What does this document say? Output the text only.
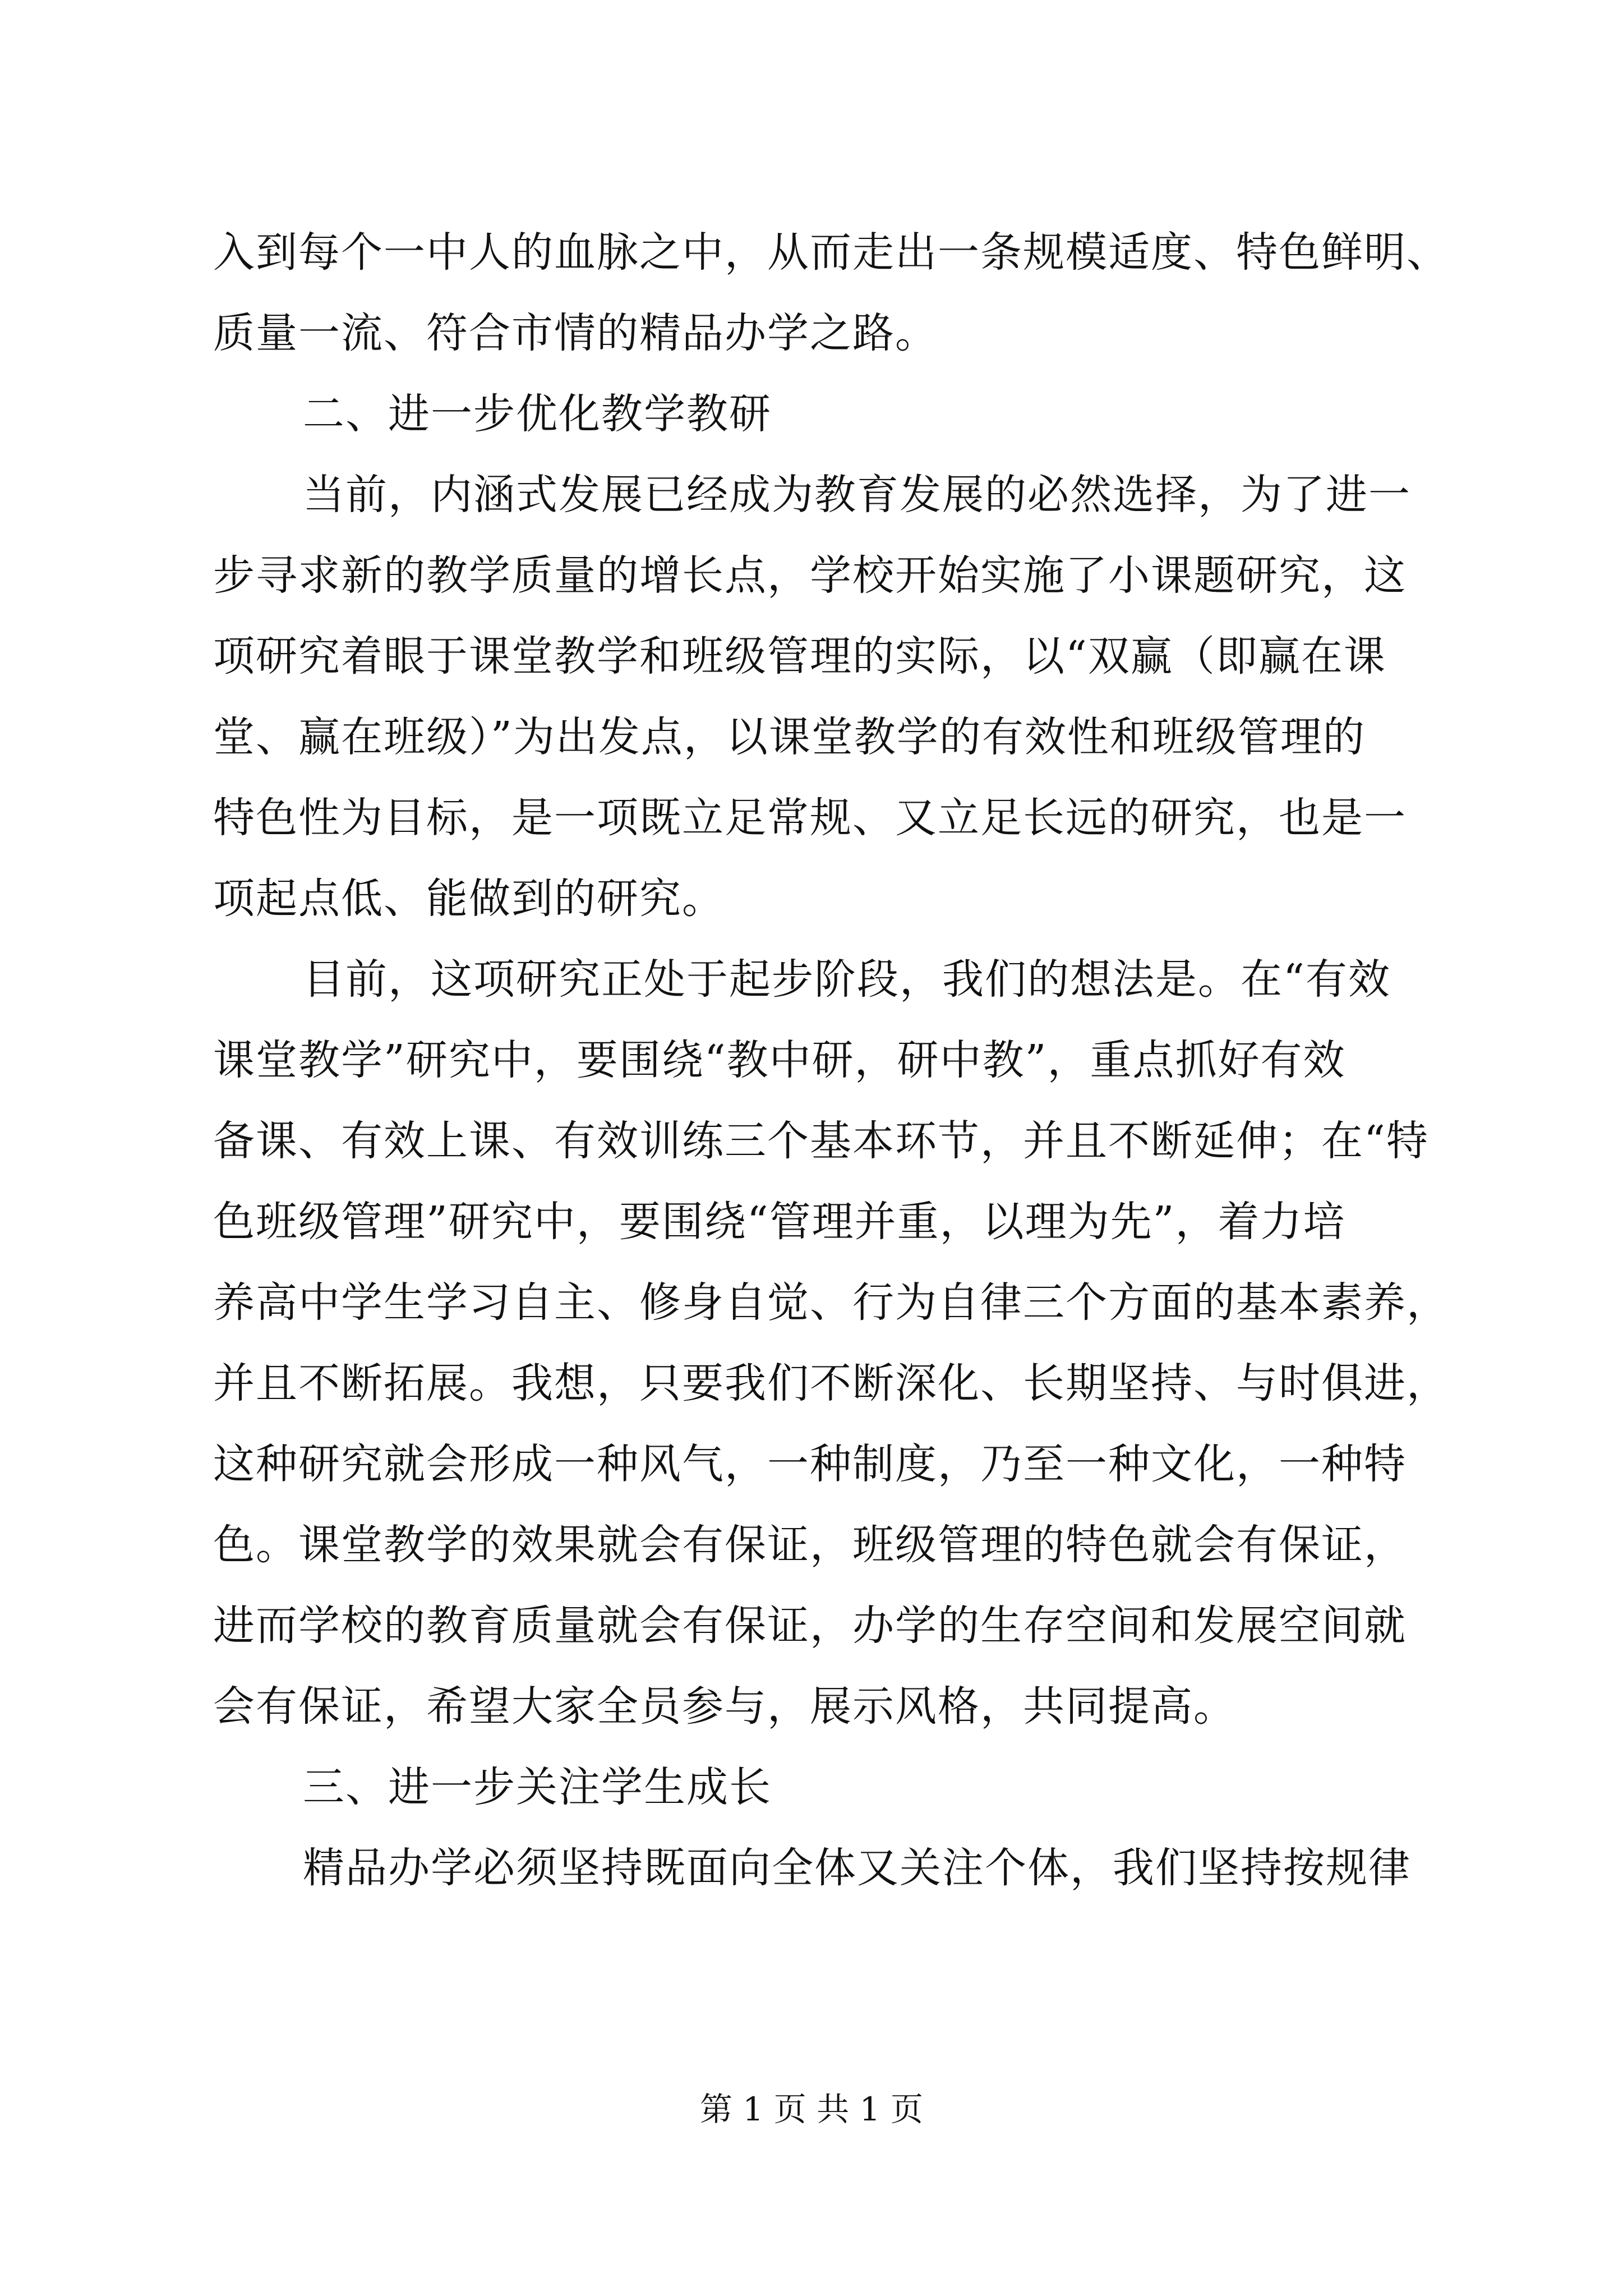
入到每个一中人的血脉之中，从而走出一条规模适度、特色鲜明、
质量一流、符合市情的精品办学之路。
二、进一步优化教学教研
当前，内涵式发展已经成为教育发展的必然选择，为了进一
步寻求新的教学质量的增长点，学校开始实施了小课题研究，这
项研究着眼于课堂教学和班级管理的实际，以“双赢（即赢在课
堂、赢在班级）”为出发点，以课堂教学的有效性和班级管理的
特色性为目标，是一项既立足常规、又立足长远的研究，也是一
项起点低、能做到的研究。
目前，这项研究正处于起步阶段，我们的想法是。在“有效
课堂教学”研究中，要围绕“教中研，研中教”，重点抓好有效
备课、有效上课、有效训练三个基本环节，并且不断延伸；在“特
色班级管理”研究中，要围绕“管理并重，以理为先”，着力培
养高中学生学习自主、修身自觉、行为自律三个方面的基本素养，
并且不断拓展。我想，只要我们不断深化、长期坚持、与时俱进，
这种研究就会形成一种风气，一种制度，乃至一种文化，一种特
色。课堂教学的效果就会有保证，班级管理的特色就会有保证，
进而学校的教育质量就会有保证，办学的生存空间和发展空间就
会有保证，希望大家全员参与，展示风格，共同提高。
三、进一步关注学生成长
精品办学必须坚持既面向全体又关注个体，我们坚持按规律
第 1 页 共 1 页
